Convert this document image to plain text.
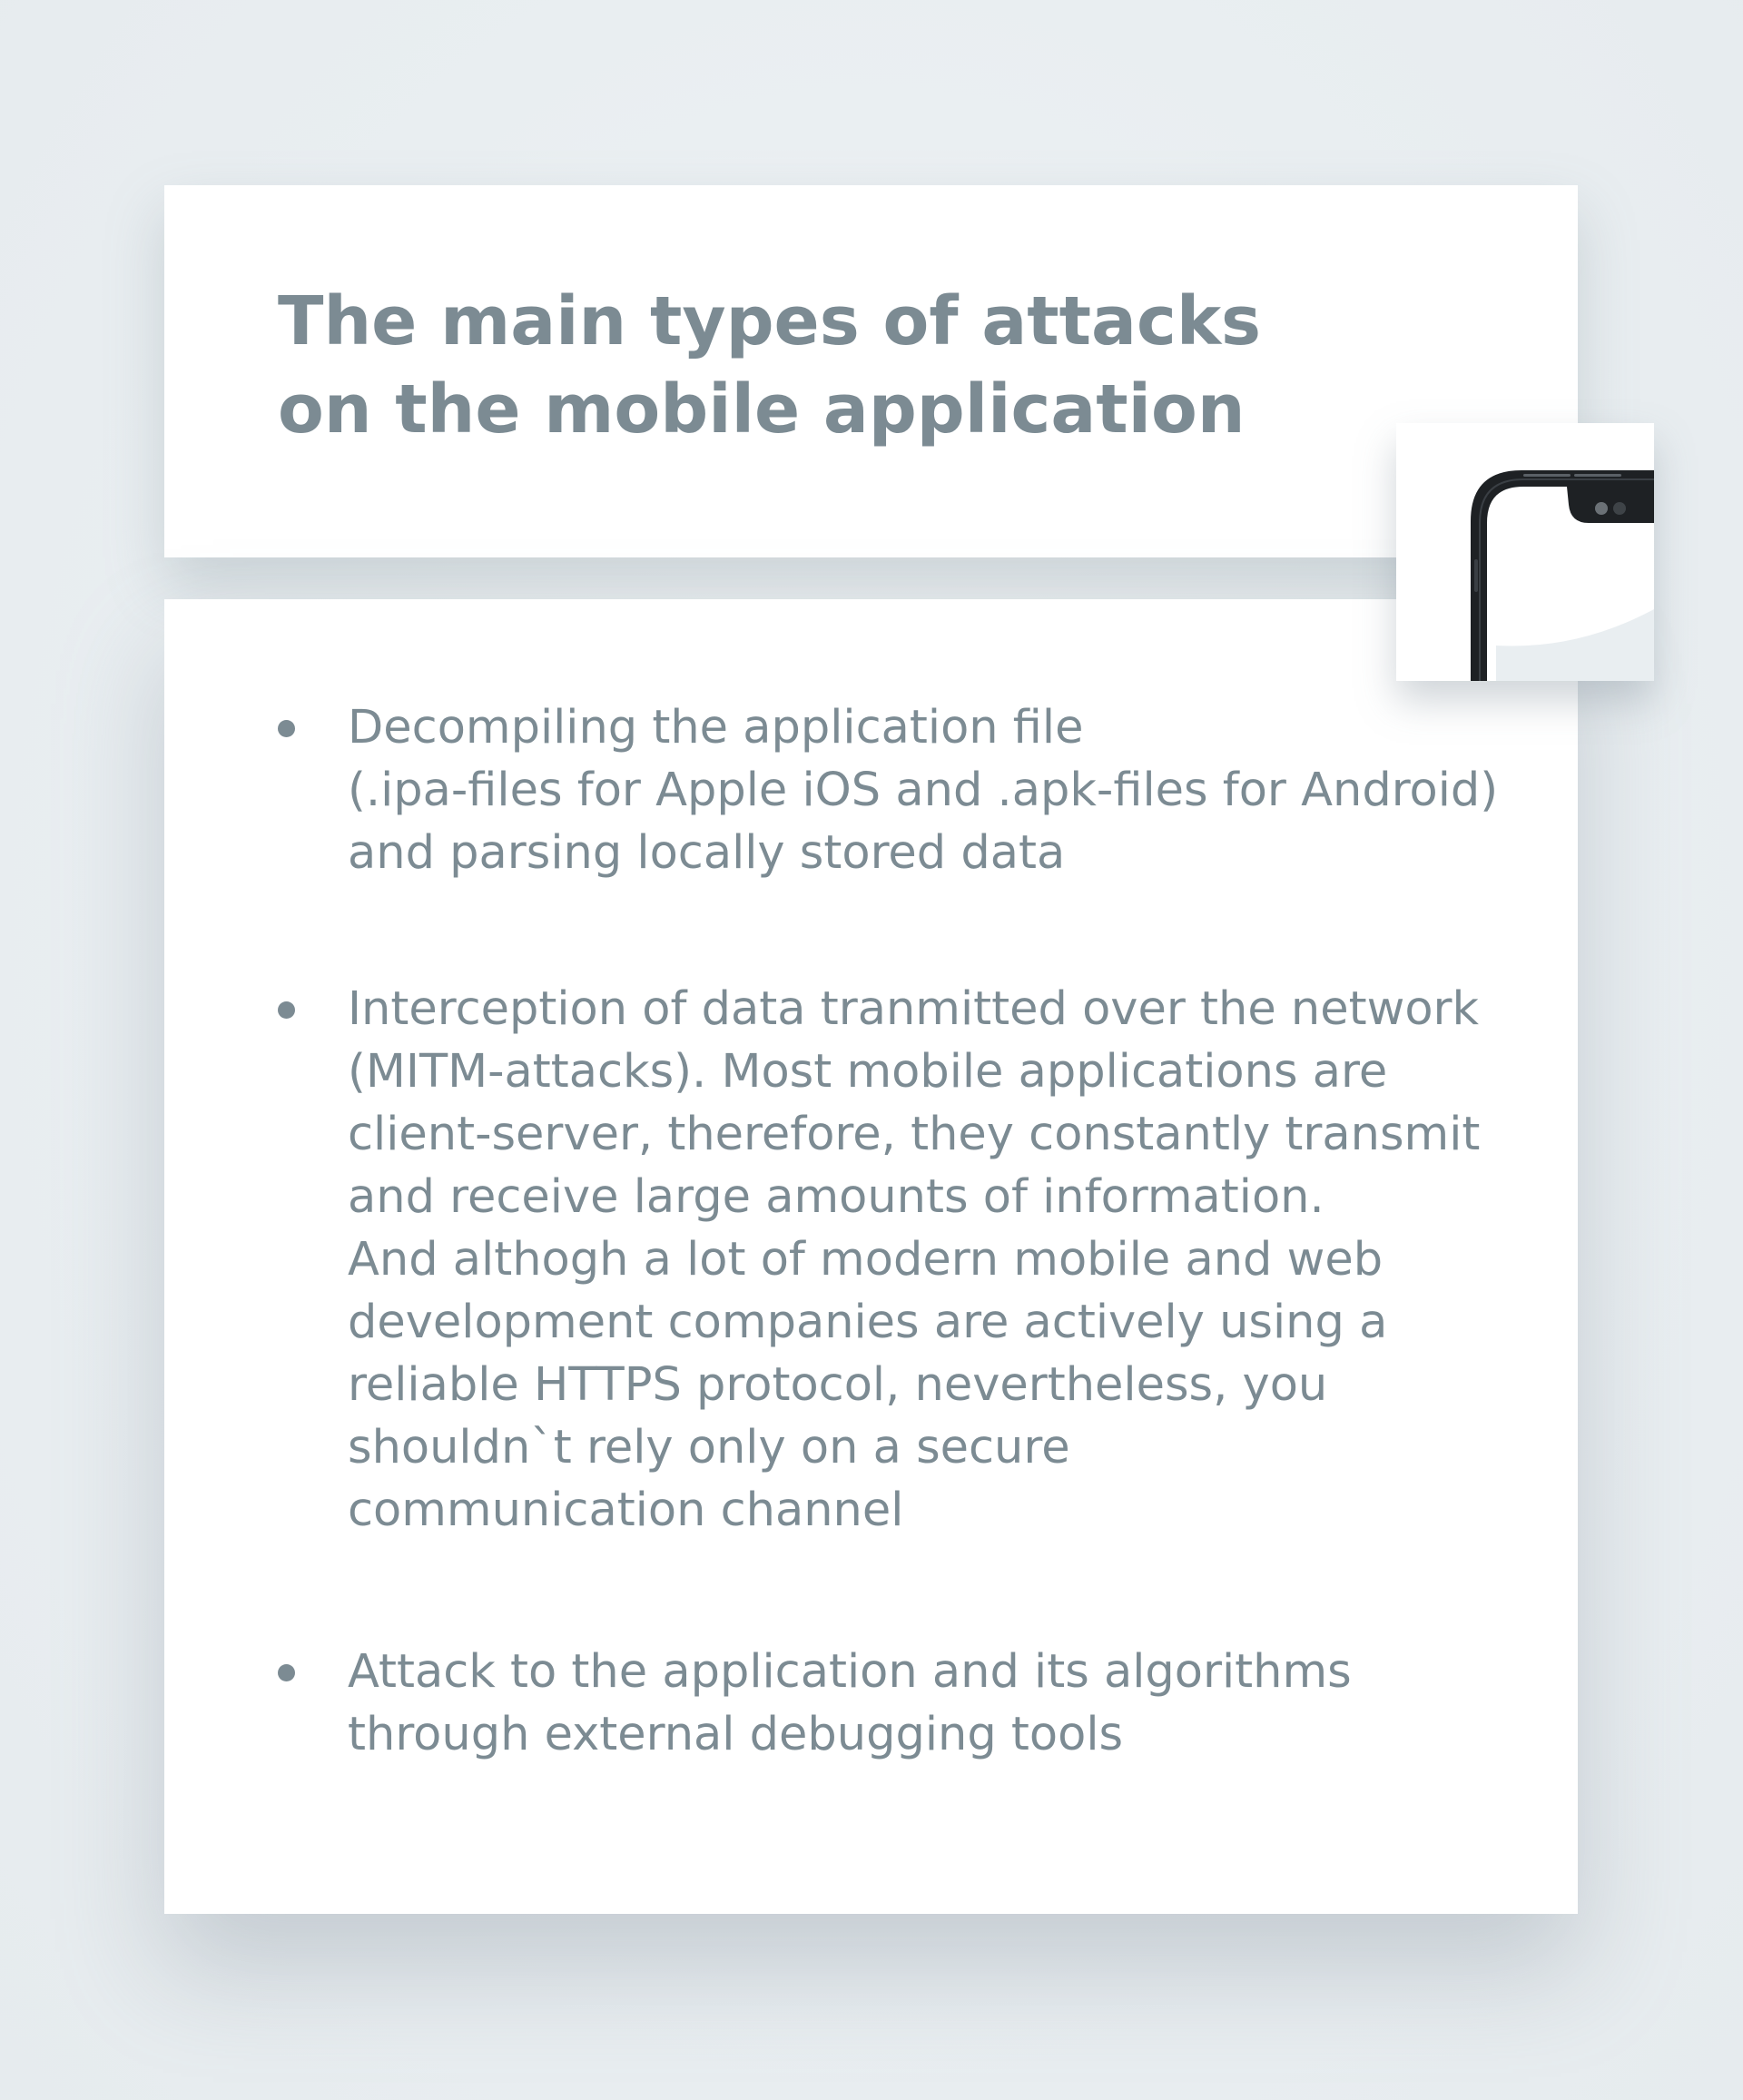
The main types of attacks
on the mobile application
Decompiling the application file
(.ipa-files for Apple iOS and .apk-files for Android)
and parsing locally stored data
Interception of data tranmitted over the network
(MITM-attacks). Most mobile applications are
client-server, therefore, they constantly transmit
and receive large amounts of information.
And althogh a lot of modern mobile and web
development companies are actively using a
reliable HTTPS protocol, nevertheless, you
shouldn`t rely only on a secure
communication channel
Attack to the application and its algorithms
through external debugging tools
